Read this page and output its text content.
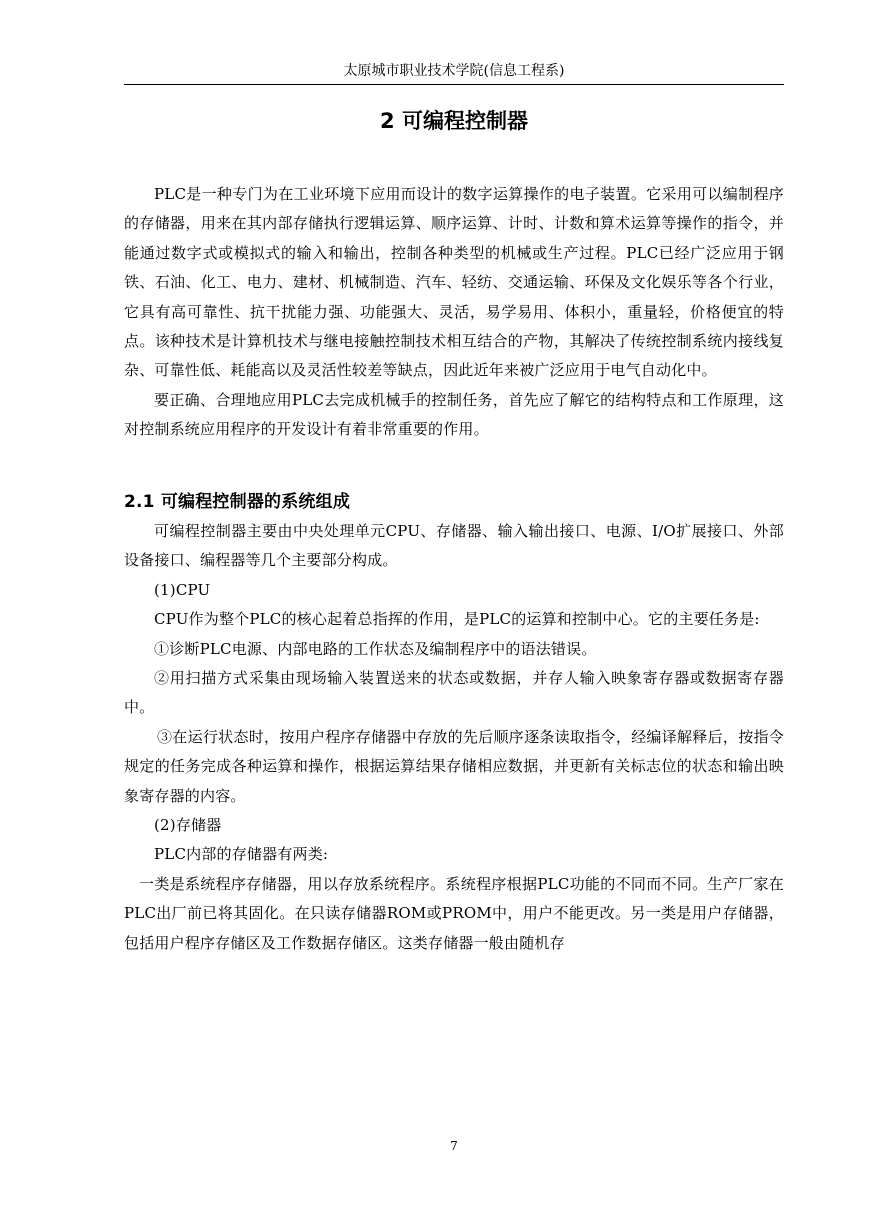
太原城市职业技术学院(信息工程系)
2 可编程控制器

PLC是一种专门为在工业环境下应用而设计的数字运算操作的电子装置。它采用可以编制程序的存储器，用来在其内部存储执行逻辑运算、顺序运算、计时、计数和算术运算等操作的指令，并能通过数字式或模拟式的输入和输出，控制各种类型的机械或生产过程。PLC已经广泛应用于钢铁、石油、化工、电力、建材、机械制造、汽车、轻纺、交通运输、环保及文化娱乐等各个行业，它具有高可靠性、抗干扰能力强、功能强大、灵活，易学易用、体积小，重量轻，价格便宜的特点。该种技术是计算机技术与继电接触控制技术相互结合的产物，其解决了传统控制系统内接线复杂、可靠性低、耗能高以及灵活性较差等缺点，因此近年来被广泛应用于电气自动化中。

要正确、合理地应用PLC去完成机械手的控制任务，首先应了解它的结构特点和工作原理，这对控制系统应用程序的开发设计有着非常重要的作用。

2.1 可编程控制器的系统组成

可编程控制器主要由中央处理单元CPU、存储器、输入输出接口、电源、I/O扩展接口、外部设备接口、编程器等几个主要部分构成。

(1)CPU

CPU作为整个PLC的核心起着总指挥的作用，是PLC的运算和控制中心。它的主要任务是:

①诊断PLC电源、内部电路的工作状态及编制程序中的语法错误。

②用扫描方式采集由现场输入装置送来的状态或数据，并存人输入映象寄存器或数据寄存器中。

③在运行状态时，按用户程序存储器中存放的先后顺序逐条读取指令，经编译解释后，按指令规定的任务完成各种运算和操作，根据运算结果存储相应数据，并更新有关标志位的状态和输出映象寄存器的内容。

(2)存储器

PLC内部的存储器有两类:

一类是系统程序存储器，用以存放系统程序。系统程序根据PLC功能的不同而不同。生产厂家在PLC出厂前已将其固化。在只读存储器ROM或PROM中，用户不能更改。另一类是用户存储器，包括用户程序存储区及工作数据存储区。这类存储器一般由随机存

7
